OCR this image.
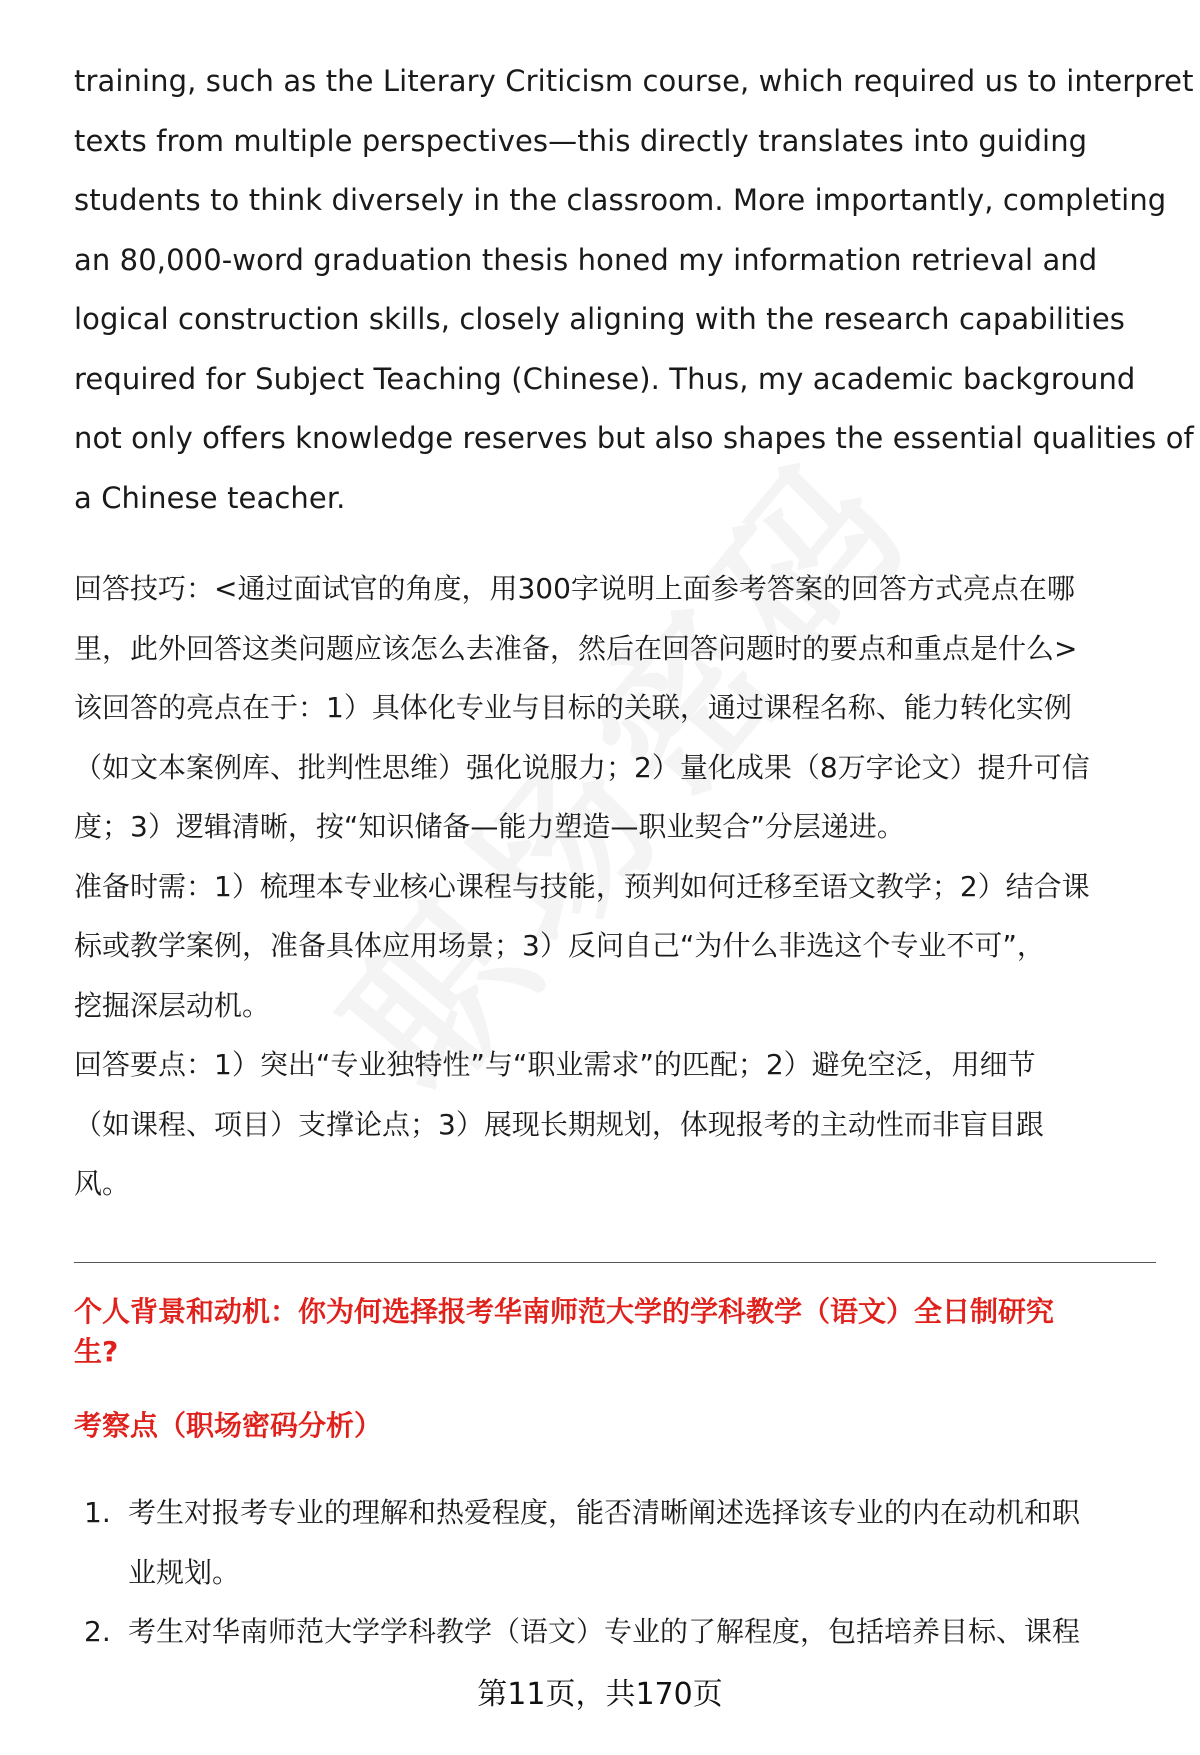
training, such as the Literary Criticism course, which required us to interpret
texts from multiple perspectives—this directly translates into guiding
students to think diversely in the classroom. More importantly, completing
an 80,000-word graduation thesis honed my information retrieval and
logical construction skills, closely aligning with the research capabilities
required for Subject Teaching (Chinese). Thus, my academic background
not only offers knowledge reserves but also shapes the essential qualities of
a Chinese teacher.
回答技巧：<通过面试官的角度，用300字说明上面参考答案的回答方式亮点在哪
里，此外回答这类问题应该怎么去准备，然后在回答问题时的要点和重点是什么>
该回答的亮点在于：1）具体化专业与目标的关联，通过课程名称、能力转化实例
（如文本案例库、批判性思维）强化说服力；2）量化成果（8万字论文）提升可信
度；3）逻辑清晰，按“知识储备—能力塑造—职业契合”分层递进。
准备时需：1）梳理本专业核心课程与技能，预判如何迁移至语文教学；2）结合课
标或教学案例，准备具体应用场景；3）反问自己“为什么非选这个专业不可”，
挖掘深层动机。
回答要点：1）突出“专业独特性”与“职业需求”的匹配；2）避免空泛，用细节
（如课程、项目）支撑论点；3）展现长期规划，体现报考的主动性而非盲目跟
风。
个人背景和动机：你为何选择报考华南师范大学的学科教学（语文）全日制研究
生?
考察点（职场密码分析）
1. 考生对报考专业的理解和热爱程度，能否清晰阐述选择该专业的内在动机和职
业规划。
2. 考生对华南师范大学学科教学（语文）专业的了解程度，包括培养目标、课程
第11页，共170页
